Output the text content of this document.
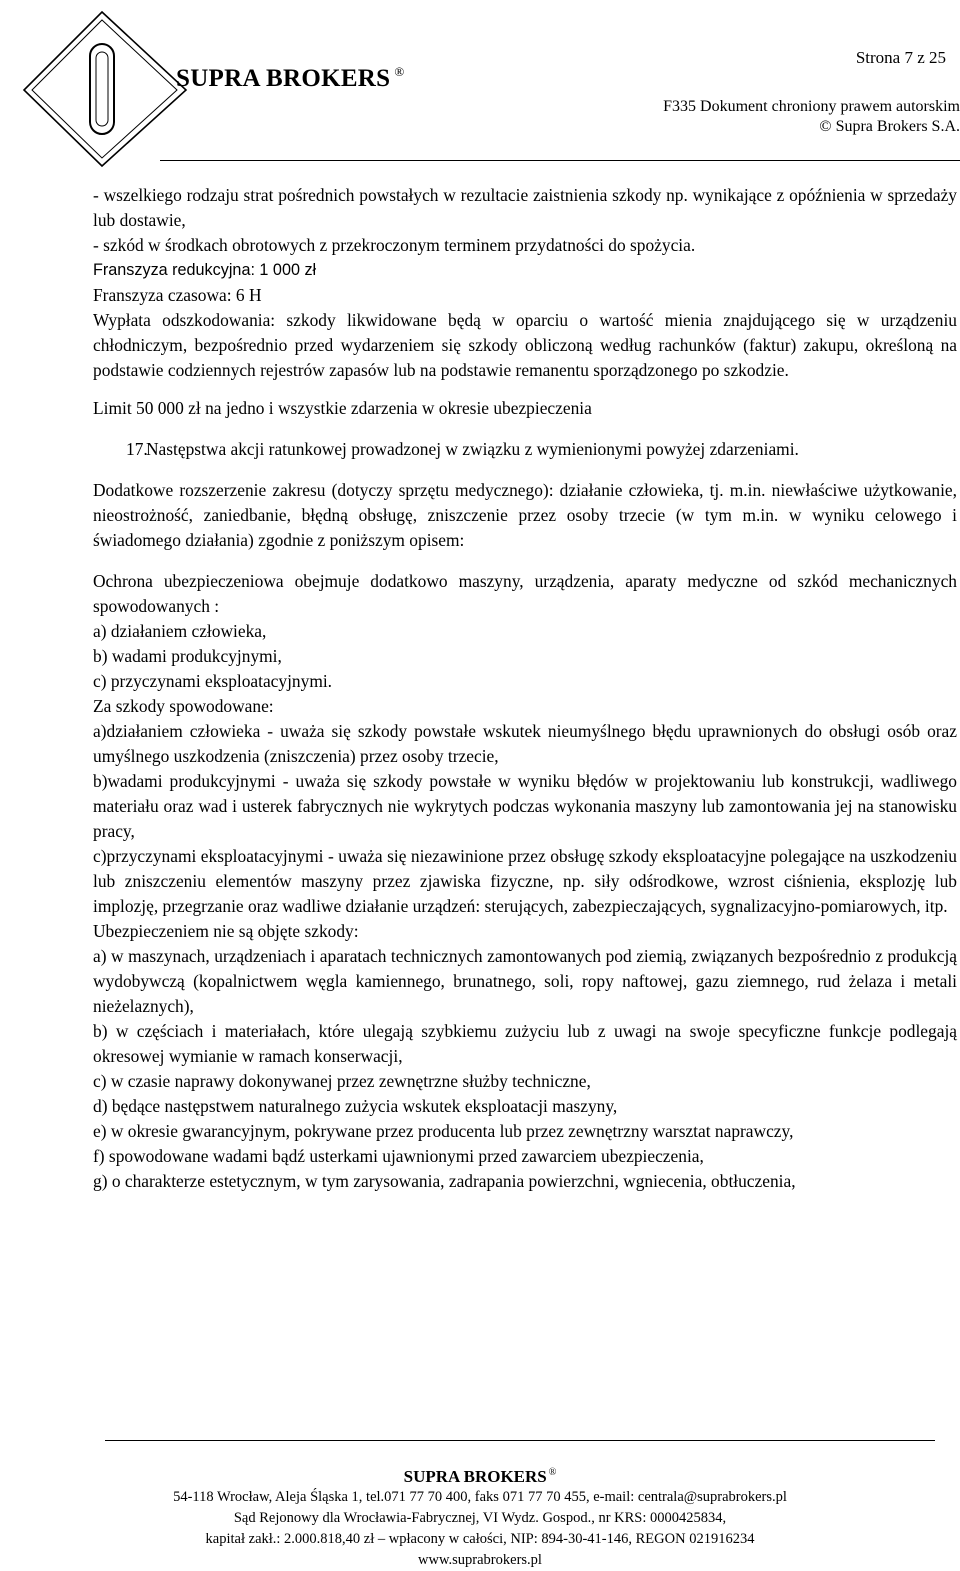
SUPRA BROKERS ®
Strona 7 z 25
F335 Dokument chroniony prawem autorskim
© Supra Brokers S.A.

- wszelkiego rodzaju strat pośrednich powstałych w rezultacie zaistnienia szkody np. wynikające z opóźnienia w sprzedaży lub dostawie,

- szkód w środkach obrotowych z przekroczonym terminem przydatności do spożycia.

Franszyza redukcyjna: 1 000 zł

Franszyza czasowa: 6 H

Wypłata odszkodowania: szkody likwidowane będą w oparciu o wartość mienia znajdującego się w urządzeniu chłodniczym, bezpośrednio przed wydarzeniem się szkody obliczoną według rachunków (faktur) zakupu, określoną na podstawie codziennych rejestrów zapasów lub na podstawie remanentu sporządzonego po szkodzie.

Limit 50 000 zł na jedno i wszystkie zdarzenia w okresie ubezpieczenia

17.
Następstwa akcji ratunkowej prowadzonej w związku z wymienionymi powyżej zdarzeniami.

Dodatkowe rozszerzenie zakresu (dotyczy sprzętu medycznego): działanie człowieka, tj. m.in. niewłaściwe użytkowanie, nieostrożność, zaniedbanie, błędną obsługę, zniszczenie przez osoby trzecie (w tym m.in. w wyniku celowego i świadomego działania) zgodnie z poniższym opisem:

Ochrona ubezpieczeniowa obejmuje dodatkowo maszyny, urządzenia, aparaty medyczne od szkód mechanicznych spowodowanych :

a) działaniem człowieka,

b) wadami produkcyjnymi,

c) przyczynami eksploatacyjnymi.

Za szkody spowodowane:

a)działaniem człowieka - uważa się szkody powstałe wskutek nieumyślnego błędu uprawnionych do obsługi osób oraz umyślnego uszkodzenia (zniszczenia) przez osoby trzecie,

b)wadami produkcyjnymi - uważa się szkody powstałe w wyniku błędów w projektowaniu lub konstrukcji, wadliwego materiału oraz wad i usterek fabrycznych nie wykrytych podczas wykonania maszyny lub zamontowania jej na stanowisku pracy,

c)przyczynami eksploatacyjnymi - uważa się niezawinione przez obsługę szkody eksploatacyjne polegające na uszkodzeniu lub zniszczeniu elementów maszyny przez zjawiska fizyczne, np. siły odśrodkowe, wzrost ciśnienia, eksplozję lub implozję, przegrzanie oraz wadliwe działanie urządzeń: sterujących, zabezpieczających, sygnalizacyjno-pomiarowych, itp.

Ubezpieczeniem nie są objęte szkody:

a) w maszynach, urządzeniach i aparatach technicznych zamontowanych pod ziemią, związanych bezpośrednio z produkcją wydobywczą (kopalnictwem węgla kamiennego, brunatnego, soli, ropy naftowej, gazu ziemnego, rud żelaza i metali nieżelaznych),

b) w częściach i materiałach, które ulegają szybkiemu zużyciu lub z uwagi na swoje specyficzne funkcje podlegają okresowej wymianie w ramach konserwacji,

c) w czasie naprawy dokonywanej przez zewnętrzne służby techniczne,

d) będące następstwem naturalnego zużycia wskutek eksploatacji maszyny,

e) w okresie gwarancyjnym, pokrywane przez producenta lub przez zewnętrzny warsztat naprawczy,

f) spowodowane wadami bądź usterkami ujawnionymi przed zawarciem ubezpieczenia,

g) o charakterze estetycznym, w tym zarysowania, zadrapania powierzchni, wgniecenia, obtłuczenia,

SUPRA BROKERS ®
54-118 Wrocław, Aleja Śląska 1, tel.071 77 70 400, faks 071 77 70 455, e-mail: centrala@suprabrokers.pl
Sąd Rejonowy dla Wrocławia-Fabrycznej, VI Wydz. Gospod., nr KRS: 0000425834,
kapitał zakł.: 2.000.818,40 zł – wpłacony w całości, NIP: 894-30-41-146, REGON 021916234
www.suprabrokers.pl
